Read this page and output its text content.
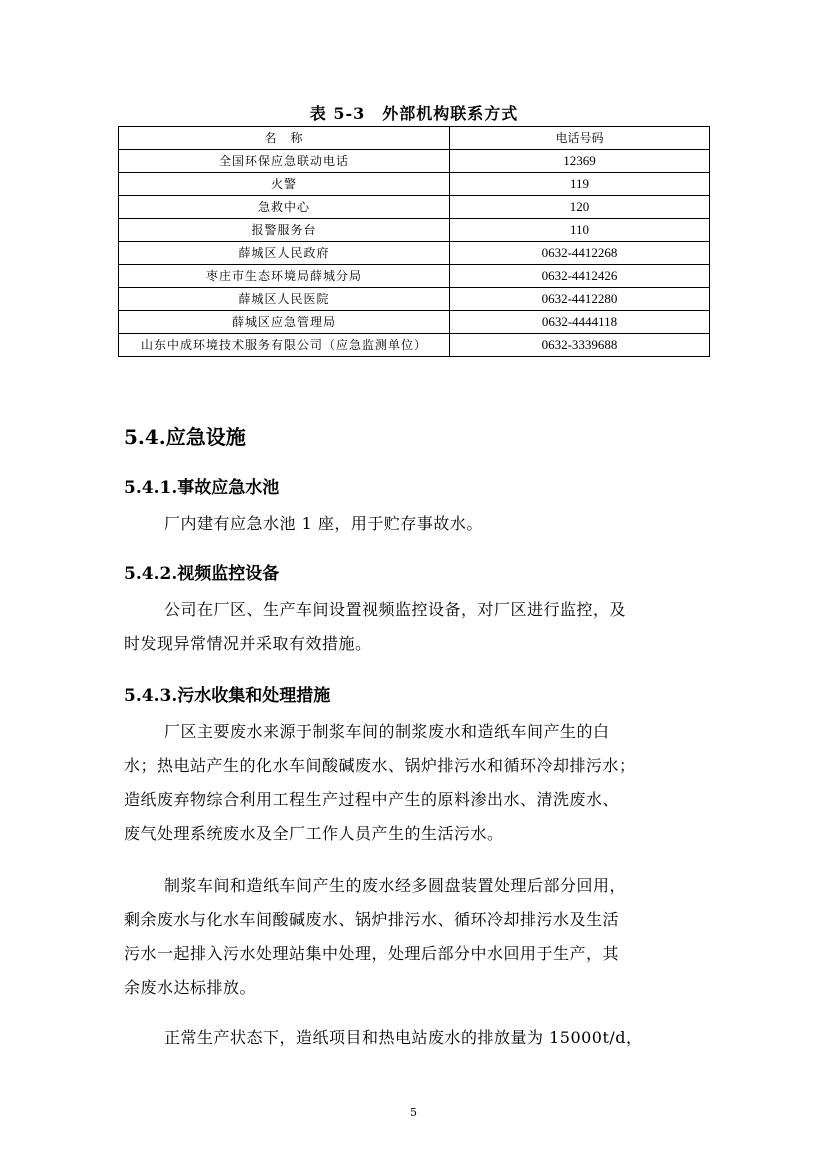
表 5-3　外部机构联系方式
名　称	电话号码
全国环保应急联动电话	12369
火警	119
急救中心	120
报警服务台	110
薛城区人民政府	0632-4412268
枣庄市生态环境局薛城分局	0632-4412426
薛城区人民医院	0632-4412280
薛城区应急管理局	0632-4444118
山东中成环境技术服务有限公司（应急监测单位）	0632-3339688
5.4.应急设施
5.4.1.事故应急水池
厂内建有应急水池 1 座，用于贮存事故水。
5.4.2.视频监控设备
公司在厂区、生产车间设置视频监控设备，对厂区进行监控，及
时发现异常情况并采取有效措施。
5.4.3.污水收集和处理措施
厂区主要废水来源于制浆车间的制浆废水和造纸车间产生的白
水；热电站产生的化水车间酸碱废水、锅炉排污水和循环冷却排污水；
造纸废弃物综合利用工程生产过程中产生的原料渗出水、清洗废水、
废气处理系统废水及全厂工作人员产生的生活污水。
制浆车间和造纸车间产生的废水经多圆盘装置处理后部分回用，
剩余废水与化水车间酸碱废水、锅炉排污水、循环冷却排污水及生活
污水一起排入污水处理站集中处理，处理后部分中水回用于生产，其
余废水达标排放。
正常生产状态下，造纸项目和热电站废水的排放量为 15000t/d，
5
